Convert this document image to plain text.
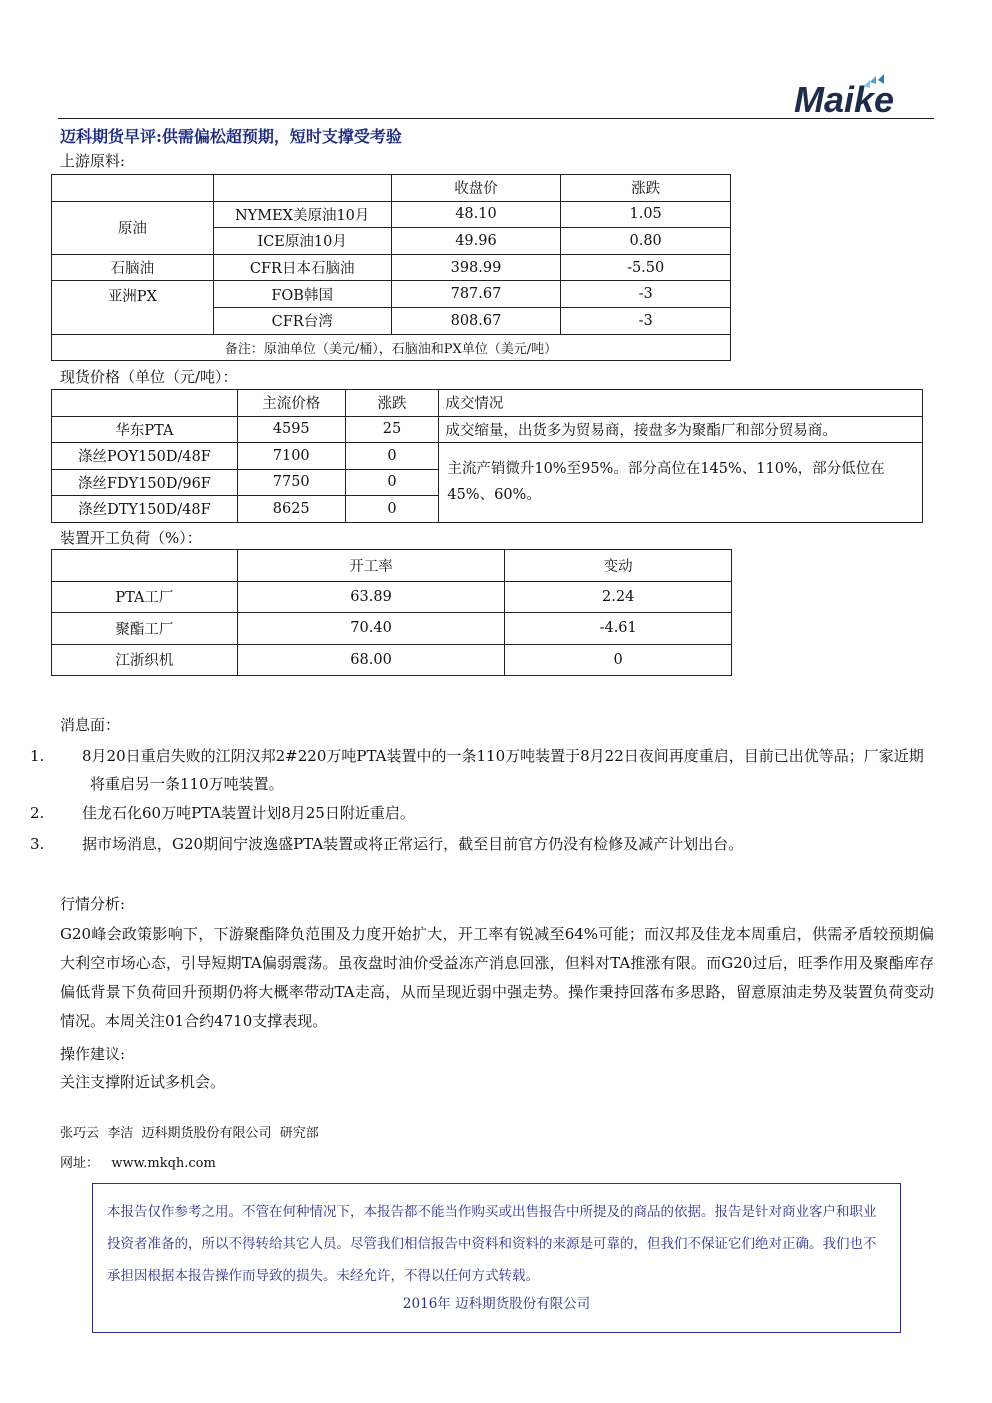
Maike
迈科期货早评:供需偏松超预期，短时支撑受考验
上游原料:
		收盘价	涨跌
原油	NYMEX美原油10月	48.10	1.05
	ICE原油10月	49.96	0.80
石脑油	CFR日本石脑油	398.99	-5.50
亚洲PX	FOB韩国	787.67	-3
	CFR台湾	808.67	-3
备注：原油单位（美元/桶），石脑油和PX单位（美元/吨）			
现货价格（单位（元/吨）：
	主流价格	涨跌	成交情况
华东PTA	4595	25	成交缩量，出货多为贸易商，接盘多为聚酯厂和部分贸易商。
涤丝POY150D/48F	7100	0	主流产销微升10%至95%。部分高位在145%、110%，部分低位在45%、60%。
涤丝FDY150D/96F	7750	0	
涤丝DTY150D/48F	8625	0	
装置开工负荷（%）：
	开工率	变动
PTA工厂	63.89	2.24
聚酯工厂	70.40	-4.61
江浙织机	68.00	0
消息面：
1.	8月20日重启失败的江阴汉邦2#220万吨PTA装置中的一条110万吨装置于8月22日夜间再度重启，目前已出优等品；厂家近期将重启另一条110万吨装置。
2.	佳龙石化60万吨PTA装置计划8月25日附近重启。
3.	据市场消息，G20期间宁波逸盛PTA装置或将正常运行，截至目前官方仍没有检修及减产计划出台。
行情分析:
G20峰会政策影响下，下游聚酯降负范围及力度开始扩大，开工率有锐减至64%可能；而汉邦及佳龙本周重启，供需矛盾较预期偏大利空市场心态，引导短期TA偏弱震荡。虽夜盘时油价受益冻产消息回涨，但料对TA推涨有限。而G20过后，旺季作用及聚酯库存偏低背景下负荷回升预期仍将大概率带动TA走高，从而呈现近弱中强走势。操作秉持回落布多思路，留意原油走势及装置负荷变动情况。本周关注01合约4710支撑表现。
操作建议:
关注支撑附近试多机会。
张巧云  李洁  迈科期货股份有限公司  研究部
网址：   www.mkqh.com
本报告仅作参考之用。不管在何种情况下，本报告都不能当作购买或出售报告中所提及的商品的依据。报告是针对商业客户和职业投资者准备的，所以不得转给其它人员。尽管我们相信报告中资料和资料的来源是可靠的，但我们不保证它们绝对正确。我们也不承担因根据本报告操作而导致的损失。未经允许，不得以任何方式转载。
2016年 迈科期货股份有限公司
